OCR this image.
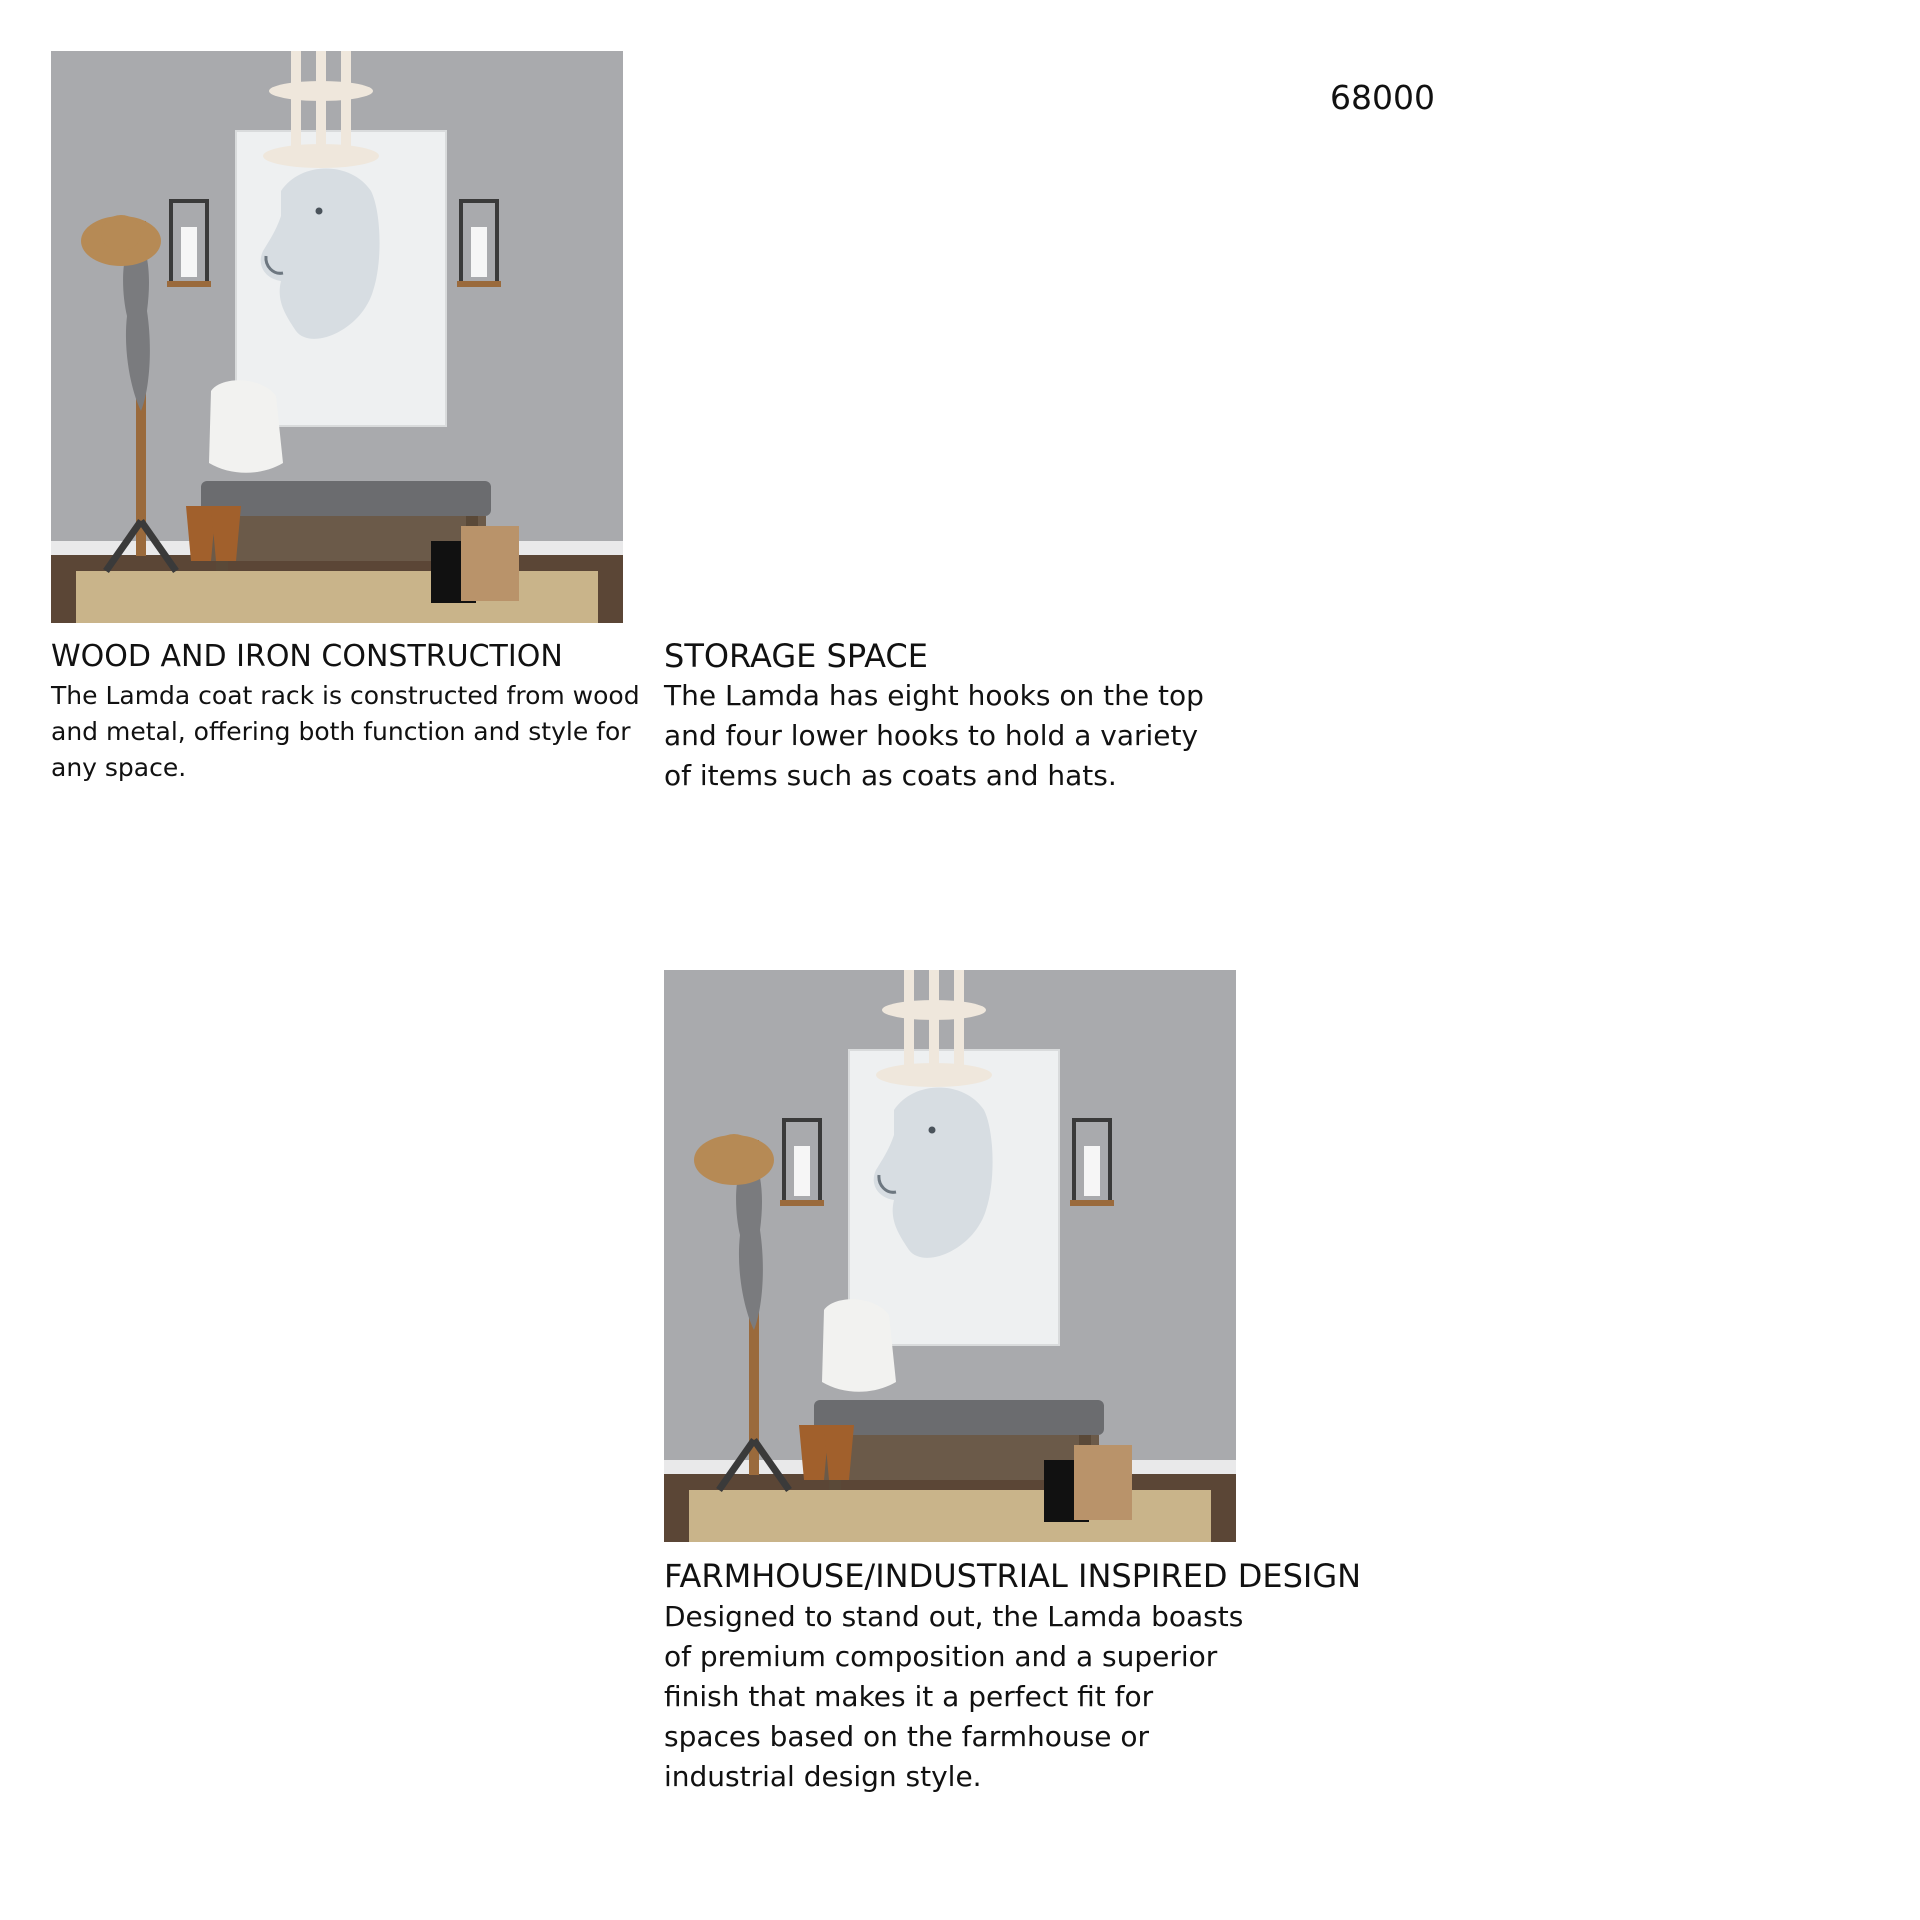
68000
WOOD AND IRON CONSTRUCTION

The Lamda coat rack is constructed from wood and metal, offering both function and style for any space.

STORAGE SPACE

The Lamda has eight hooks on the top and four lower hooks to hold a variety of items such as coats and hats.

FARMHOUSE/INDUSTRIAL INSPIRED DESIGN

Designed to stand out, the Lamda boasts of premium composition and a superior finish that makes it a perfect fit for spaces based on the farmhouse or industrial design style.
